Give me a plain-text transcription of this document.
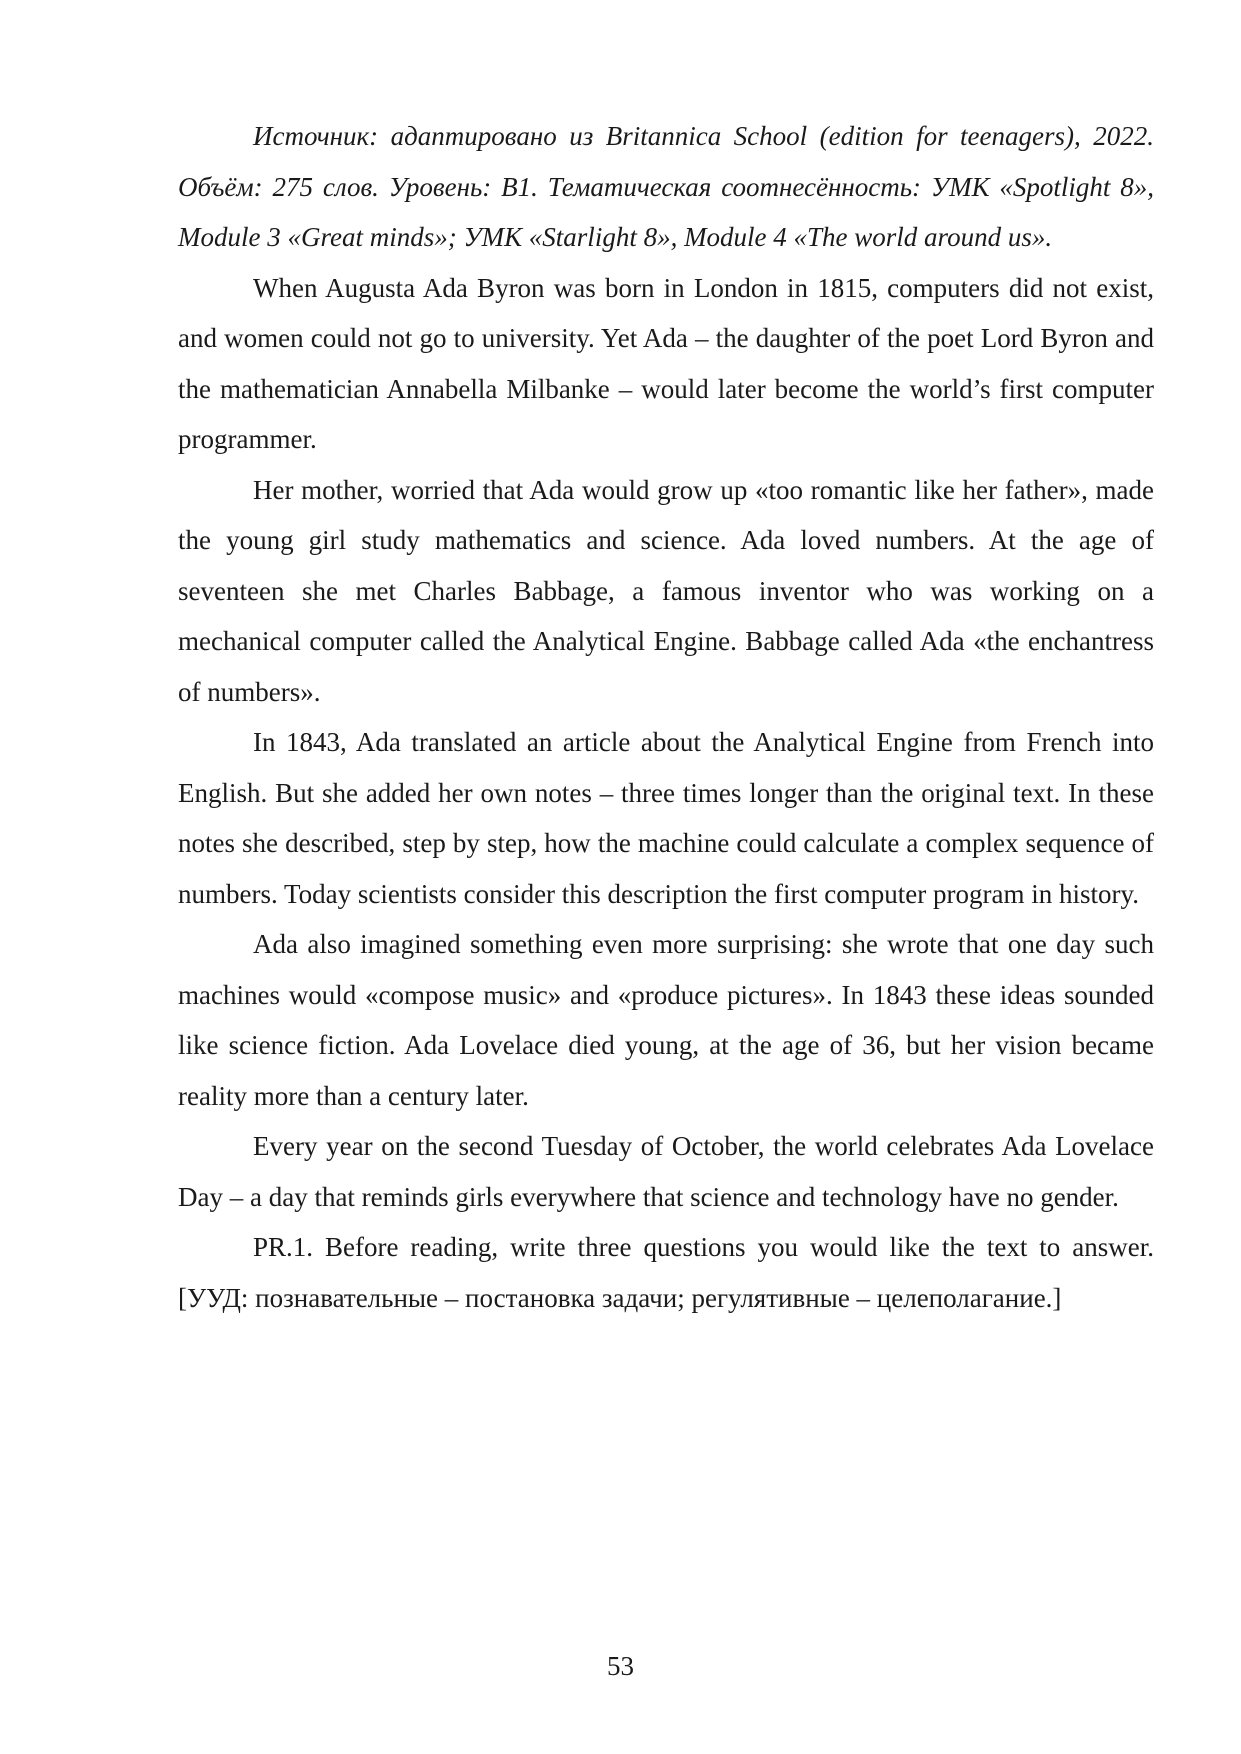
Источник: адаптировано из Britannica School (edition for teenagers), 2022. Объём: 275 слов. Уровень: B1. Тематическая соотнесённость: УМК «Spotlight 8», Module 3 «Great minds»; УМК «Starlight 8», Module 4 «The world around us».

When Augusta Ada Byron was born in London in 1815, computers did not exist, and women could not go to university. Yet Ada – the daughter of the poet Lord Byron and the mathematician Annabella Milbanke – would later become the world’s first computer programmer.

Her mother, worried that Ada would grow up «too romantic like her father», made the young girl study mathematics and science. Ada loved numbers. At the age of seventeen she met Charles Babbage, a famous inventor who was working on a mechanical computer called the Analytical Engine. Babbage called Ada «the enchantress of numbers».

In 1843, Ada translated an article about the Analytical Engine from French into English. But she added her own notes – three times longer than the original text. In these notes she described, step by step, how the machine could calculate a complex sequence of numbers. Today scientists consider this description the first computer program in history.

Ada also imagined something even more surprising: she wrote that one day such machines would «compose music» and «produce pictures». In 1843 these ideas sounded like science fiction. Ada Lovelace died young, at the age of 36, but her vision became reality more than a century later.

Every year on the second Tuesday of October, the world celebrates Ada Lovelace Day – a day that reminds girls everywhere that science and technology have no gender.

PR.1. Before reading, write three questions you would like the text to answer. [УУД: познавательные – постановка задачи; регулятивные – целеполагание.]

53
